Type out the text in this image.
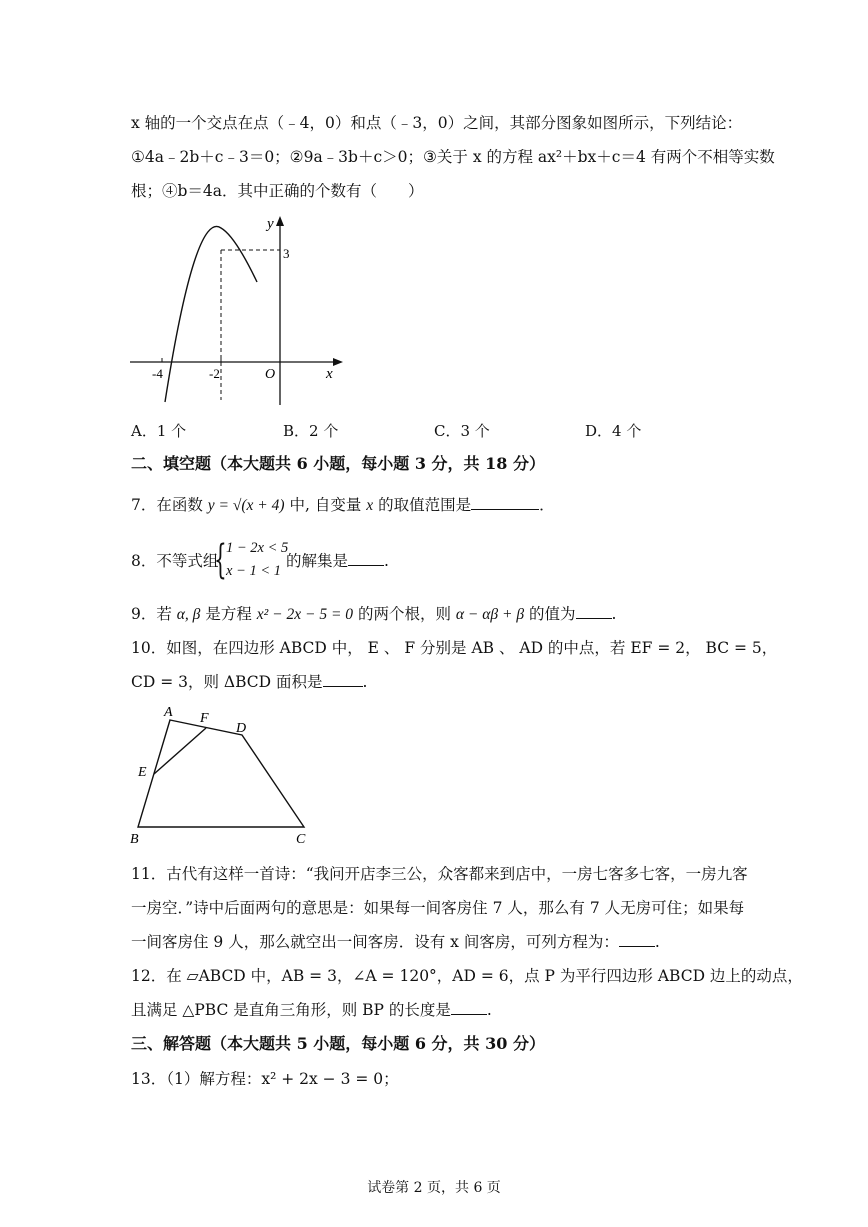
x 轴的一个交点在点（﹣4，0）和点（﹣3，0）之间，其部分图象如图所示，下列结论：
①4a﹣2b＋c﹣3＝0；②9a﹣3b＋c＞0；③关于 x 的方程 ax²＋bx＋c＝4 有两个不相等实数
根；④b＝4a．其中正确的个数有（　　）
y
x
O
3
-4	-2
A．1 个	B．2 个	C．3 个	D．4 个
二、填空题（本大题共 6 小题，每小题 3 分，共 18 分）
7．在函数 y = √(x + 4) 中, 自变量 x 的取值范围是	．
8．不等式组
{ 1 − 2x < 5
x − 1 < 1
的解集是 .
9．若 α, β 是方程 x² − 2x − 5 = 0 的两个根，则 α − αβ + β 的值为 .
10．如图，在四边形 ABCD 中， E 、 F 分别是 AB 、 AD 的中点，若 EF = 2， BC = 5，
CD = 3，则 ΔBCD 面积是	.
A F
D
E
B	C
11．古代有这样一首诗：“我问开店李三公，众客都来到店中，一房七客多七客，一房九客
一房空．”诗中后面两句的意思是：如果每一间客房住 7 人，那么有 7 人无房可住；如果每
一间客房住 9 人，那么就空出一间客房．设有 x 间客房，可列方程为： .
12．在 ▱ABCD 中，AB = 3，∠A = 120°，AD = 6，点 P 为平行四边形 ABCD 边上的动点，
且满足 △PBC 是直角三角形，则 BP 的长度是 .
三、解答题（本大题共 5 小题，每小题 6 分，共 30 分）
13．（1）解方程：x² + 2x − 3 = 0；
试卷第 2 页，共 6 页
